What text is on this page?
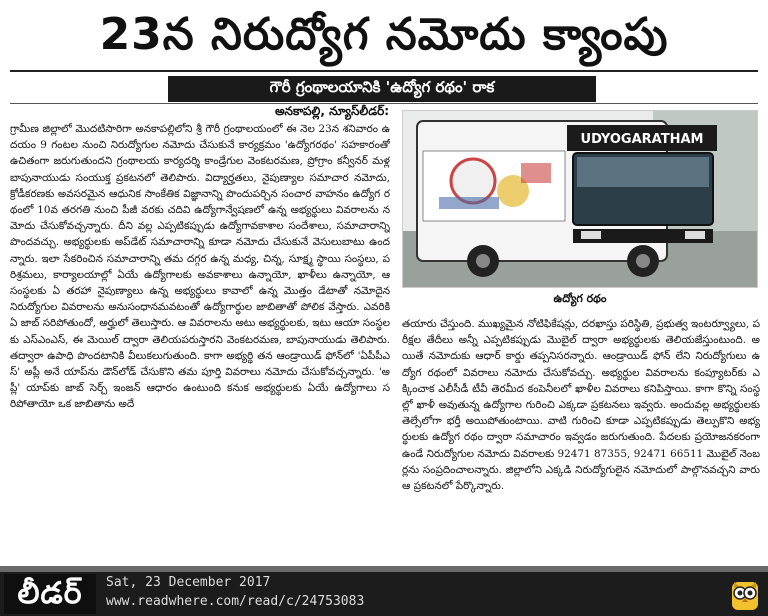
23న నిరుద్యోగ నమోదు క్యాంపు
గౌరీ గ్రంథాలయానికి 'ఉద్యోగ రథం' రాక
అనకాపల్లి, న్యూస్‌లీడర్‌:
గ్రామీణ జిల్లాలో మొదటిసారిగా అనకాపల్లిలోని శ్రీ గౌరీ గ్రంథాలయంలో ఈ నెల 23న శనివారం ఉదయం 9 గంటల నుంచి నిరుద్యోగుల నమోదు చేసుకునే కార్యక్రమం 'ఉద్యోగరథం' సహకారంతో ఉచితంగా జరుగుతుందని గ్రంథాలయ కార్యదర్శి కాండ్రేగుల వెంకటరమణ, ప్రోగ్రాం కన్వీనర్ మళ్ల బాపునాయుడు సంయుక్త ప్రకటనలో తెలిపారు. విద్యార్హతలు, నైపుణ్యాల సమాచార నమోదు, క్రోడీకరణకు అవసరమైన ఆధునిక సాంకేతిక విజ్ఞానాన్ని పొందుపర్చిన సంచార వాహనం ఉద్యోగ రథంలో 10వ తరగతి నుంచి పీజీ వరకు చదివి ఉద్యోగాన్వేషణలో ఉన్న అభ్యర్థులు వివరాలను నమోదు చేసుకోవచ్చన్నారు. దీని వల్ల ఎప్పటికప్పుడు ఉద్యోగావకాశాల సందేశాలు, సమాచారాన్ని పొందవచ్చు. అభ్యర్థులకు అప్‌డేట్ సమాచారాన్ని కూడా నమోదు చేసుకునే వెసులుబాటు ఉందన్నారు. ఇలా సేకరించిన సమాచారాన్ని తమ దగ్గర ఉన్న మధ్య, చిన్న, సూక్ష్మ స్థాయి సంస్థలు, పరిశ్రమలు, కార్యాలయాల్లో ఏయే ఉద్యోగాలకు అవకాశాలు ఉన్నాయో, ఖాళీలు ఉన్నాయో, ఆ సంస్థలకు ఏ తరహా నైపుణ్యాలు ఉన్న అభ్యర్థులు కావాలో ఉన్న మొత్తం డేటాతో నమోదైన నిరుద్యోగుల వివరాలను అనుసంధానమవటంతో ఉద్యోగార్థుల జాబితాతో పోలిక వేస్తారు. ఎవరికి ఏ జాబ్ సరిపోతుందో, అర్హులో తెలుస్తారు. ఆ వివరాలను అటు అభ్యర్థులకు, ఇటు ఆయా సంస్థలకు ఎస్‌ఎంఎస్, ఈ మెయిల్ ద్వారా తెలియపరుస్తారని వెంకటరమణ, బాపునాయుడు తెలిపారు. తద్వారా ఉపాధి పొందటానికి వీలుకలుగుతుంది. కాగా అభ్యర్థి తన ఆండ్రాయిడ్ ఫోన్‌లో 'ఏపీపీఎస్' అప్లీ అనే యాప్‌ను డౌన్‌లోడ్ చేసుకొని తమ పూర్తి వివరాలు నమోదు చేసుకోవచ్చన్నారు. 'అప్లీ' యాప్‌కు జాబ్ సెర్చ్ ఇంజన్ ఆధారం ఉంటుంది కనుక అభ్యర్థులకు ఏయే ఉద్యోగాలు సరిపోతాయో ఒక జాబితాను అదే
UDYOGARATHAM
ఉద్యోగ రథం
తయారు చేస్తుంది. ముఖ్యమైన నోటిఫికేషన్లు, దరఖాస్తు పరిస్థితి, ప్రభుత్వ ఇంటర్వ్యూలు, పరీక్షల తేదీలు అన్నీ ఎప్పటికప్పుడు మొబైల్ ద్వారా అభ్యర్థులకు తెలియజేస్తుంటుంది. అయితే నమోదుకు ఆధార్ కార్డు తప్పనిసరన్నారు. ఆండ్రాయిడ్ ఫోన్ లేని నిరుద్యోగులు ఉద్యోగ రథంలో వివరాలు నమోదు చేసుకోవచ్చు. అభ్యర్థుల వివరాలను కంప్యూటర్‌కు ఎక్కించాక ఎలీసీడీ టీవీ తెరమీద కంపెనీలలో ఖాళీల వివరాలు కనిపిస్తాయి. కాగా కొన్ని సంస్థల్లో ఖాళీ అవుతున్న ఉద్యోగాల గురించి ఎక్కడా ప్రకటనలు ఇవ్వరు. అందువల్ల అభ్యర్థులకు తెల్సేలోగా భర్తీ అయిపోతుంటాయి. వాటి గురించి కూడా ఎప్పటికప్పుడు తెల్పుకొని అభ్యర్థులకు ఉద్యోగ రథం ద్వారా సమాచారం ఇవ్వడం జరుగుతుంది. పేదలకు ప్రయోజనకరంగా ఉండే నిరుద్యోగుల నమోదు వివరాలకు 92471 87355, 92471 66511 మొబైల్ నెంబర్లను సంప్రదించాలన్నారు. జిల్లాలోని ఎక్కడి నిరుద్యోగులైన నమోదులో పాల్గొనవచ్చని వారు ఆ ప్రకటనలో పేర్కొన్నారు.
లీడర్ Sat, 23 December 2017
www.readwhere.com/read/c/24753083
